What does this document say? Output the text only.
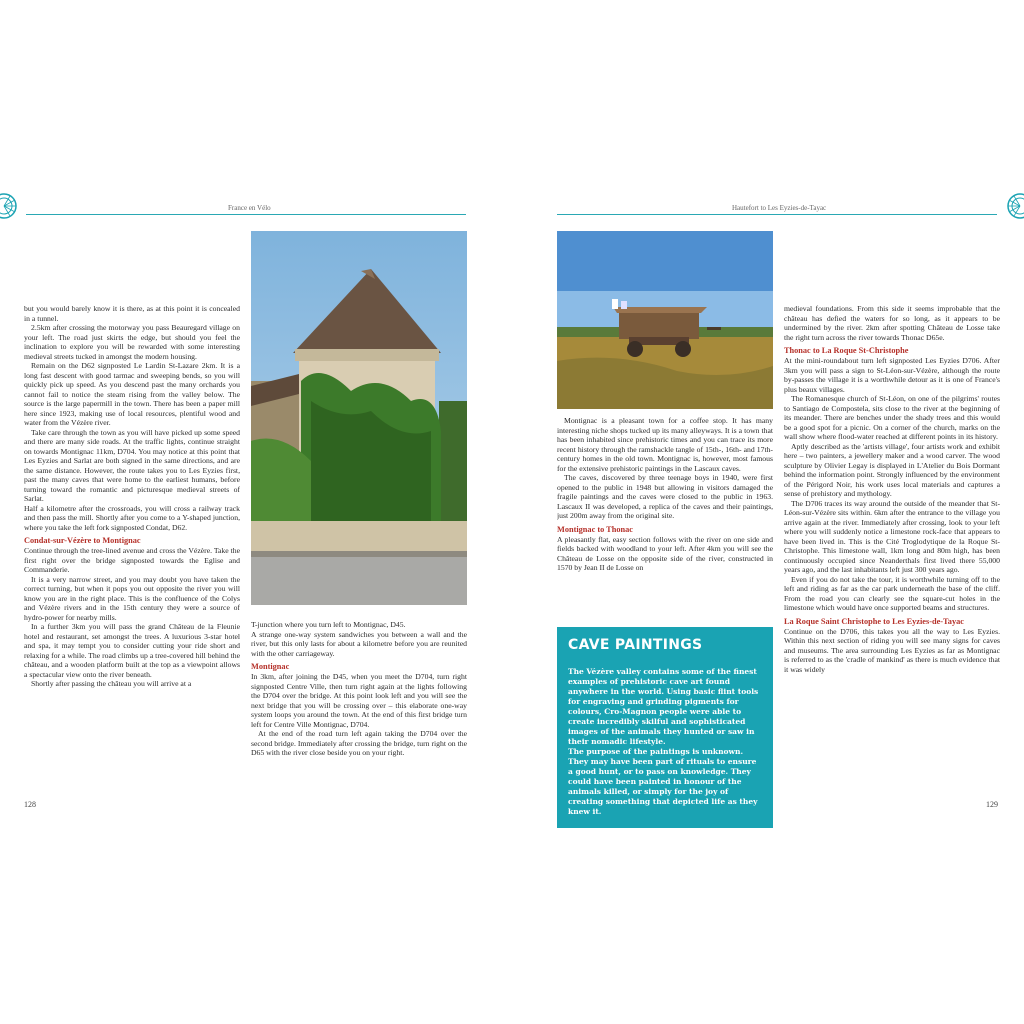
France en Vélo	Hautefort to Les Eyzies-de-Tayac

but you would barely know it is there, as at this point it is concealed in a tunnel.

2.5km after crossing the motorway you pass Beauregard village on your left. The road just skirts the edge, but should you feel the inclination to explore you will be rewarded with some interesting medieval streets tucked in amongst the modern housing.

Remain on the D62 signposted Le Lardin St-Lazare 2km. It is a long fast descent with good tarmac and sweeping bends, so you will quickly pick up speed. As you descend past the many orchards you cannot fail to notice the steam rising from the valley below. The source is the large papermill in the town. There has been a paper mill here since 1923, making use of local resources, plentiful wood and water from the Vézère river.

Take care through the town as you will have picked up some speed and there are many side roads. At the traffic lights, continue straight on towards Montignac 11km, D704. You may notice at this point that Les Eyzies and Sarlat are both signed in the same directions, and are the same distance. However, the route takes you to Les Eyzies first, past the many caves that were home to the earliest humans, before turning toward the romantic and picturesque medieval streets of Sarlat.

Half a kilometre after the crossroads, you will cross a railway track and then pass the mill. Shortly after you come to a Y-shaped junction, where you take the left fork signposted Condat, D62.

Condat-sur-Vézère to Montignac

Continue through the tree-lined avenue and cross the Vézère. Take the first right over the bridge signposted towards the Eglise and Commanderie.

It is a very narrow street, and you may doubt you have taken the correct turning, but when it pops you out opposite the river you will know you are in the right place. This is the confluence of the Colys and Vézère rivers and in the 15th century they were a source of hydro-power for nearby mills.

In a further 3km you will pass the grand Château de la Fleunie hotel and restaurant, set amongst the trees. A luxurious 3-star hotel and spa, it may tempt you to consider cutting your ride short and relaxing for a while. The road climbs up a tree-covered hill behind the château, and a wooden platform built at the top as a viewpoint allows a spectacular view onto the river beneath.

Shortly after passing the château you will arrive at a

T-junction where you turn left to Montignac, D45.

A strange one-way system sandwiches you between a wall and the river, but this only lasts for about a kilometre before you are reunited with the other carriageway.

Montignac

In 3km, after joining the D45, when you meet the D704, turn right signposted Centre Ville, then turn right again at the lights following the D704 over the bridge. At this point look left and you will see the next bridge that you will be crossing over – this elaborate one-way system loops you around the town. At the end of this first bridge turn left for Centre Ville Montignac, D704.

At the end of the road turn left again taking the D704 over the second bridge. Immediately after crossing the bridge, turn right on the D65 with the river close beside you on your right.

128

Montignac is a pleasant town for a coffee stop. It has many interesting niche shops tucked up its many alleyways. It is a town that has been inhabited since prehistoric times and you can trace its more recent history through the ramshackle tangle of 15th-, 16th- and 17th-century homes in the old town. Montignac is, however, most famous for the extensive prehistoric paintings in the Lascaux caves.

The caves, discovered by three teenage boys in 1940, were first opened to the public in 1948 but allowing in visitors damaged the fragile paintings and the caves were closed to the public in 1963. Lascaux II was developed, a replica of the caves and their paintings, just 200m away from the original site.

Montignac to Thonac

A pleasantly flat, easy section follows with the river on one side and fields backed with woodland to your left. After 4km you will see the Château de Losse on the opposite side of the river, constructed in 1570 by Jean II de Losse on

CAVE PAINTINGS

The Vézère valley contains some of the finest examples of prehistoric cave art found anywhere in the world. Using basic flint tools for engraving and grinding pigments for colours, Cro-Magnon people were able to create incredibly skilful and sophisticated images of the animals they hunted or saw in their nomadic lifestyle.

The purpose of the paintings is unknown. They may have been part of rituals to ensure a good hunt, or to pass on knowledge. They could have been painted in honour of the animals killed, or simply for the joy of creating something that depicted life as they knew it.

medieval foundations. From this side it seems improbable that the château has defied the waters for so long, as it appears to be undermined by the river. 2km after spotting Château de Losse take the right turn across the river towards Thonac D65e.

Thonac to La Roque St-Christophe

At the mini-roundabout turn left signposted Les Eyzies D706. After 3km you will pass a sign to St-Léon-sur-Vézère, although the route by-passes the village it is a worthwhile detour as it is one of France's plus beaux villages.

The Romanesque church of St-Léon, on one of the pilgrims' routes to Santiago de Compostela, sits close to the river at the beginning of its meander. There are benches under the shady trees and this would be a good spot for a picnic. On a corner of the church, marks on the wall show where flood-water reached at different points in its history.

Aptly described as the 'artists village', four artists work and exhibit here – two painters, a jewellery maker and a wood carver. The wood sculpture by Olivier Legay is displayed in L'Atelier du Bois Dormant behind the information point. Strongly influenced by the environment of the Périgord Noir, his work uses local materials and captures a sense of prehistory and mythology.

The D706 traces its way around the outside of the meander that St-Léon-sur-Vézère sits within. 6km after the entrance to the village you arrive again at the river. Immediately after crossing, look to your left where you will suddenly notice a limestone rock-face that appears to have been lived in. This is the Cité Troglodytique de la Roque St-Christophe. This limestone wall, 1km long and 80m high, has been continuously occupied since Neanderthals first lived there 55,000 years ago, and the last inhabitants left just 300 years ago.

Even if you do not take the tour, it is worthwhile turning off to the left and riding as far as the car park underneath the base of the cliff. From the road you can clearly see the square-cut holes in the limestone which would have once supported beams and structures.

La Roque Saint Christophe to Les Eyzies-de-Tayac

Continue on the D706, this takes you all the way to Les Eyzies. Within this next section of riding you will see many signs for caves and museums. The area surrounding Les Eyzies as far as Montignac is referred to as the 'cradle of mankind' as there is much evidence that it was widely

129
